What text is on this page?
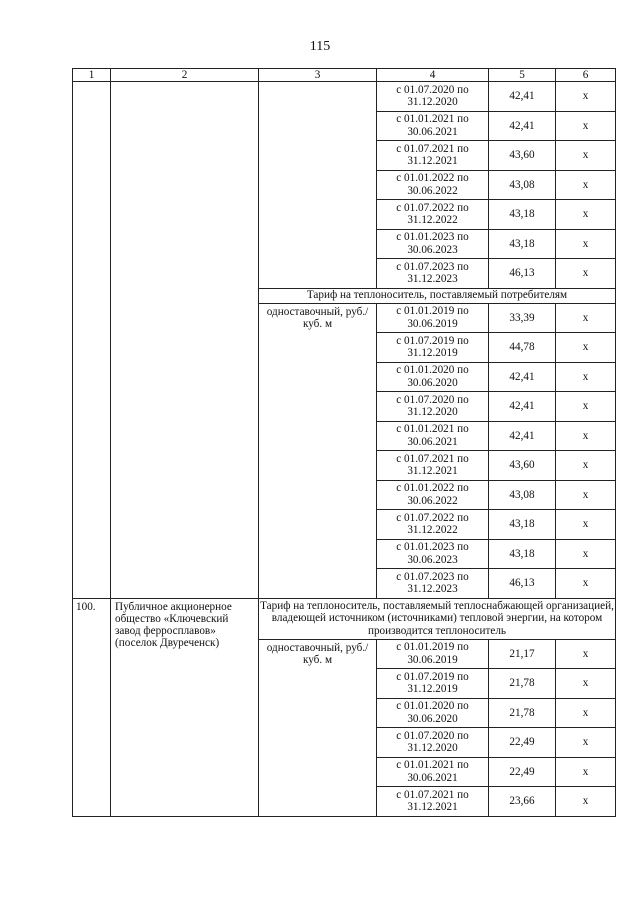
115
1	2	3	4	5	6
			с 01.07.2020 по 31.12.2020	42,41	х
			с 01.01.2021 по 30.06.2021	42,41	х
			с 01.07.2021 по 31.12.2021	43,60	х
			с 01.01.2022 по 30.06.2022	43,08	х
			с 01.07.2022 по 31.12.2022	43,18	х
			с 01.01.2023 по 30.06.2023	43,18	х
			с 01.07.2023 по 31.12.2023	46,13	х
		Тариф на теплоноситель, поставляемый потребителям			
		одноставочный, руб./куб. м	с 01.01.2019 по 30.06.2019	33,39	х
			с 01.07.2019 по 31.12.2019	44,78	х
			с 01.01.2020 по 30.06.2020	42,41	х
			с 01.07.2020 по 31.12.2020	42,41	х
			с 01.01.2021 по 30.06.2021	42,41	х
			с 01.07.2021 по 31.12.2021	43,60	х
			с 01.01.2022 по 30.06.2022	43,08	х
			с 01.07.2022 по 31.12.2022	43,18	х
			с 01.01.2023 по 30.06.2023	43,18	х
			с 01.07.2023 по 31.12.2023	46,13	х
100.	Публичное акционерное общество «Ключевский завод ферросплавов» (поселок Двуреченск)	Тариф на теплоноситель, поставляемый теплоснабжающей организацией, владеющей источником (источниками) тепловой энергии, на котором производится теплоноситель			
		одноставочный, руб./куб. м	с 01.01.2019 по 30.06.2019	21,17	х
			с 01.07.2019 по 31.12.2019	21,78	х
			с 01.01.2020 по 30.06.2020	21,78	х
			с 01.07.2020 по 31.12.2020	22,49	х
			с 01.01.2021 по 30.06.2021	22,49	х
			с 01.07.2021 по 31.12.2021	23,66	х
